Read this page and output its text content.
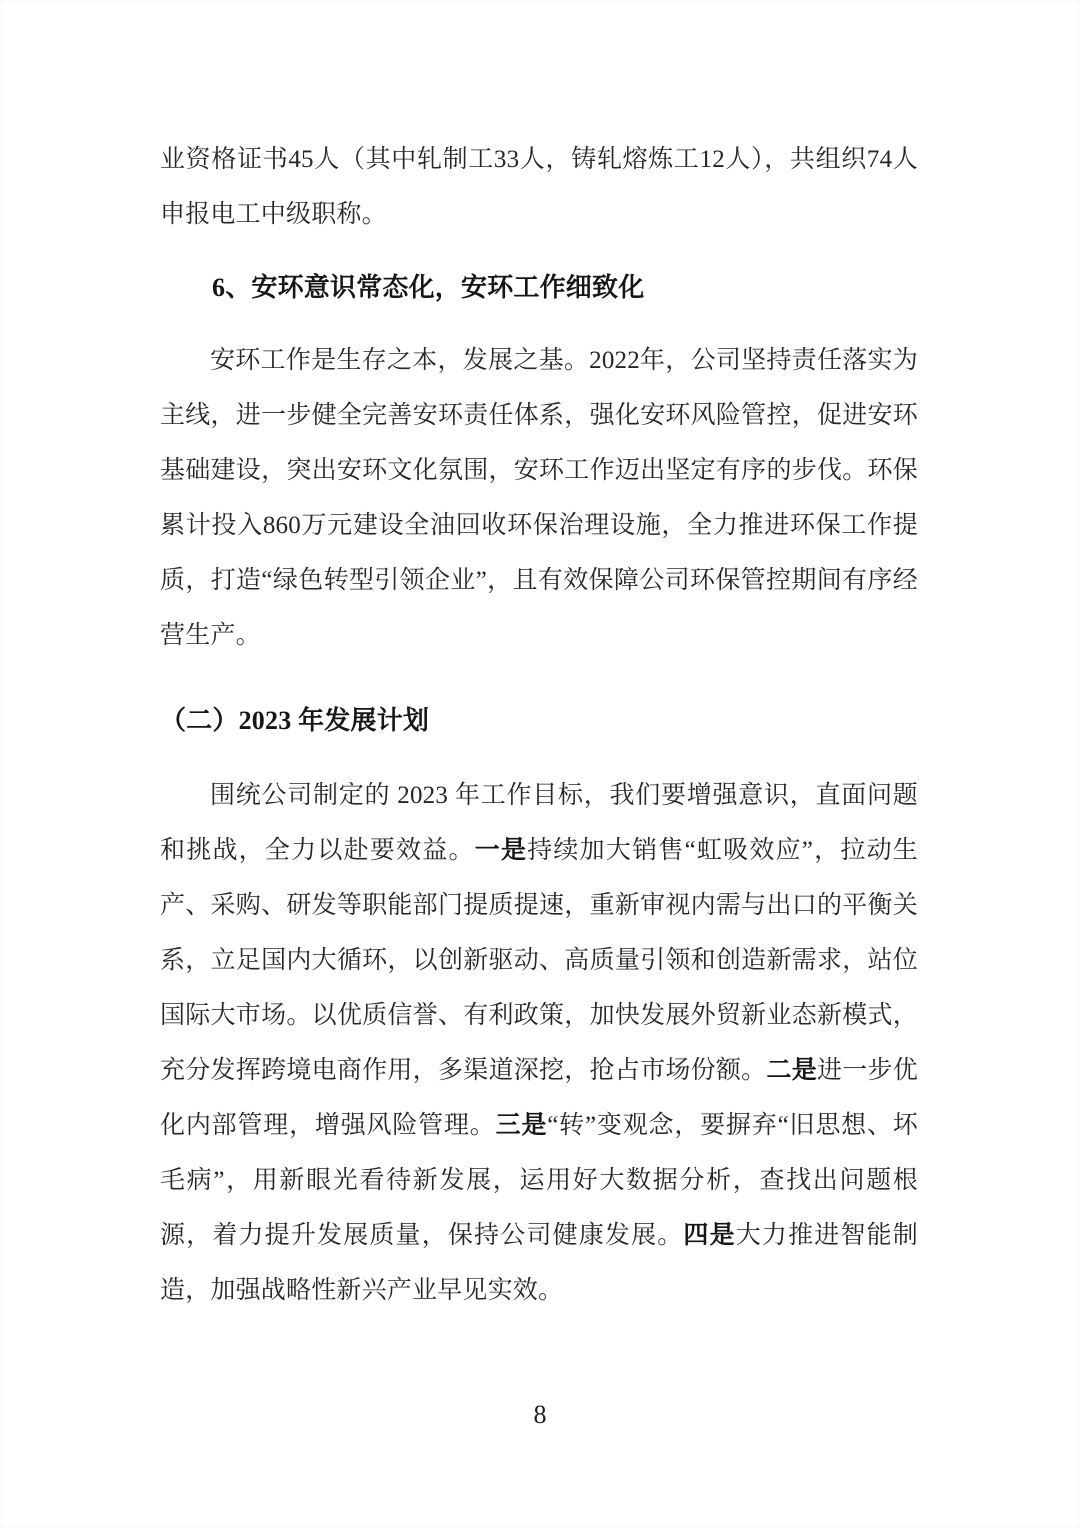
业资格证书45人（其中轧制工33人，铸轧熔炼工12人），共组织74人申报电工中级职称。
6、安环意识常态化，安环工作细致化
安环工作是生存之本，发展之基。2022年，公司坚持责任落实为主线，进一步健全完善安环责任体系，强化安环风险管控，促进安环基础建设，突出安环文化氛围，安环工作迈出坚定有序的步伐。环保累计投入860万元建设全油回收环保治理设施，全力推进环保工作提质，打造“绿色转型引领企业”，且有效保障公司环保管控期间有序经营生产。
（二）2023 年发展计划
围统公司制定的 2023 年工作目标，我们要增强意识，直面问题和挑战，全力以赴要效益。一是持续加大销售“虹吸效应”，拉动生产、采购、研发等职能部门提质提速，重新审视内需与出口的平衡关系，立足国内大循环，以创新驱动、高质量引领和创造新需求，站位国际大市场。以优质信誉、有利政策，加快发展外贸新业态新模式，充分发挥跨境电商作用，多渠道深挖，抢占市场份额。二是进一步优化内部管理，增强风险管理。三是“转”变观念，要摒弃“旧思想、坏毛病”，用新眼光看待新发展，运用好大数据分析，查找出问题根源，着力提升发展质量，保持公司健康发展。四是大力推进智能制造，加强战略性新兴产业早见实效。
8
